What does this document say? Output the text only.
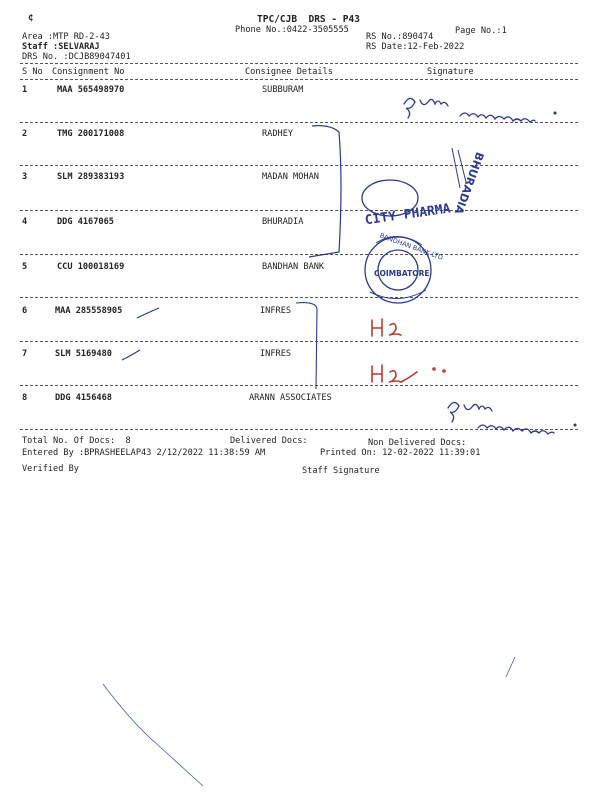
¢	TPC/CJB  DRS - P43
Phone No.:0422-3505555	Page No.:1
Area :MTP RD-2-43	RS No.:890474
Staff :SELVARAJ	RS Date:12-Feb-2022
DRS No. :DCJB89047401
S No Consignment No	Consignee Details	Signature
1	MAA 565498970	SUBBURAM
2	TMG 200171008	RADHEY
3	SLM 289383193	MADAN MOHAN
4	DDG 4167065	BHURADIA
5	CCU 100018169	BANDHAN BANK
6	MAA 285558905	INFRES
7	SLM 5169480	INFRES
8	DDG 4156468	ARANN ASSOCIATES
Total No. Of Docs:  8	Delivered Docs:	Non Delivered Docs:
Entered By :BPRASHEELAP43 2/12/2022 11:38:59 AM	Printed On: 12-02-2022 11:39:01
Verified By	Staff Signature
CITY PHARMA BHURADIA
COIMBATORE
BANDHAN BANK LTD
